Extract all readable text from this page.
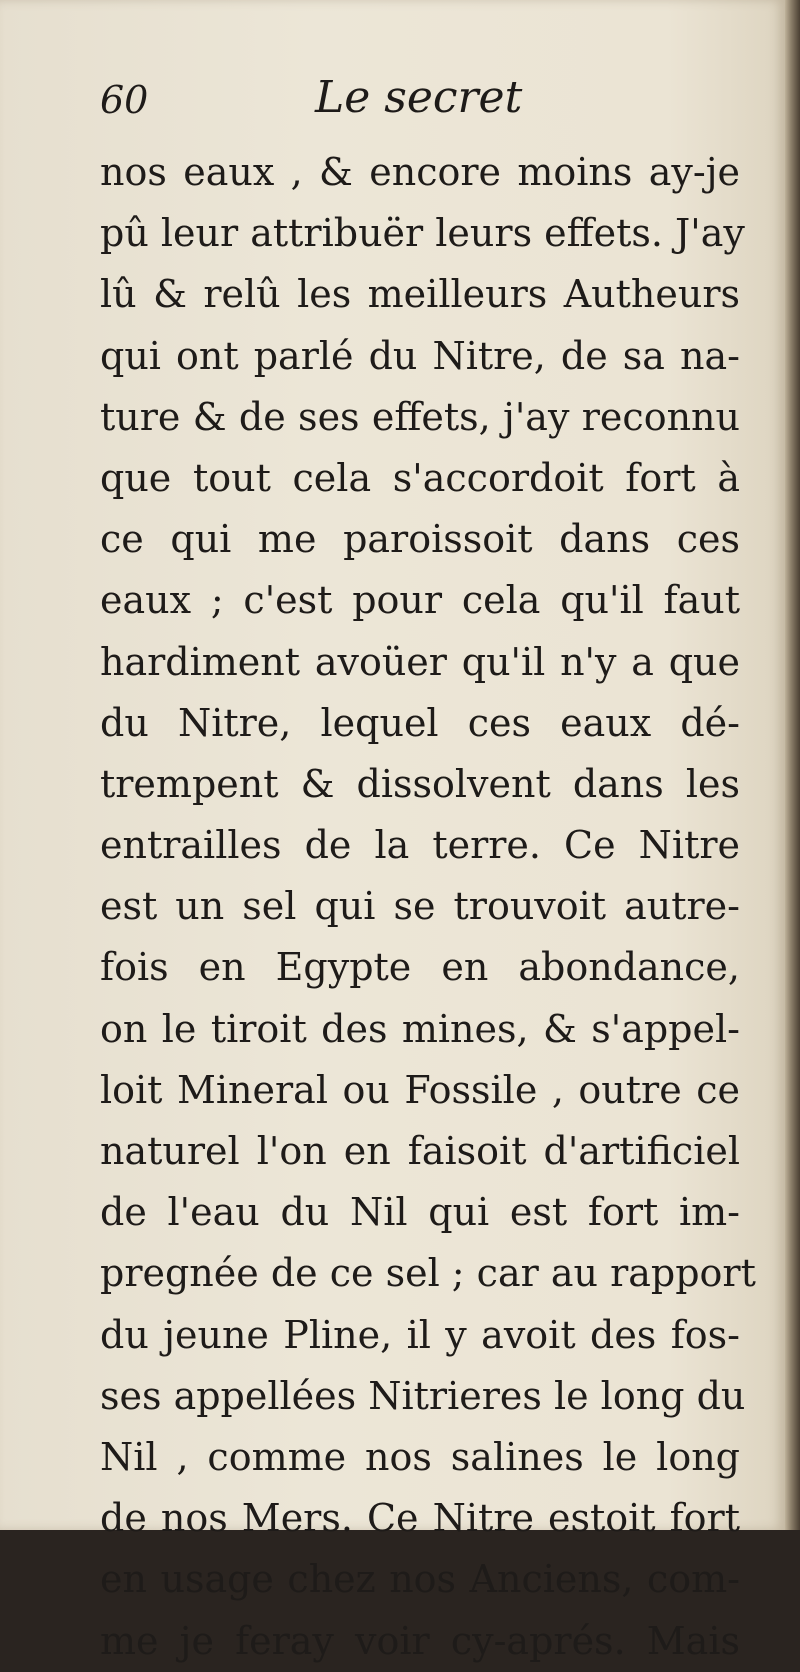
60	Le secret
nos eaux , & encore moins ay-je
pû leur attribuër leurs effets. J'ay
lû & relû les meilleurs Autheurs
qui ont parlé du Nitre, de sa na-
ture & de ses effets, j'ay reconnu
que tout cela s'accordoit fort à
ce qui me paroissoit dans ces
eaux ; c'est pour cela qu'il faut
hardiment avoüer qu'il n'y a que
du Nitre, lequel ces eaux dé-
trempent & dissolvent dans les
entrailles de la terre. Ce Nitre
est un sel qui se trouvoit autre-
fois en Egypte en abondance,
on le tiroit des mines, & s'appel-
loit Mineral ou Fossile , outre ce
naturel l'on en faisoit d'artificiel
de l'eau du Nil qui est fort im-
pregnée de ce sel ; car au rapport
du jeune Pline, il y avoit des fos-
ses appellées Nitrieres le long du
Nil , comme nos salines le long
de nos Mers. Ce Nitre estoit fort
en usage chez nos Anciens, com-
me je feray voir cy-aprés. Mais
